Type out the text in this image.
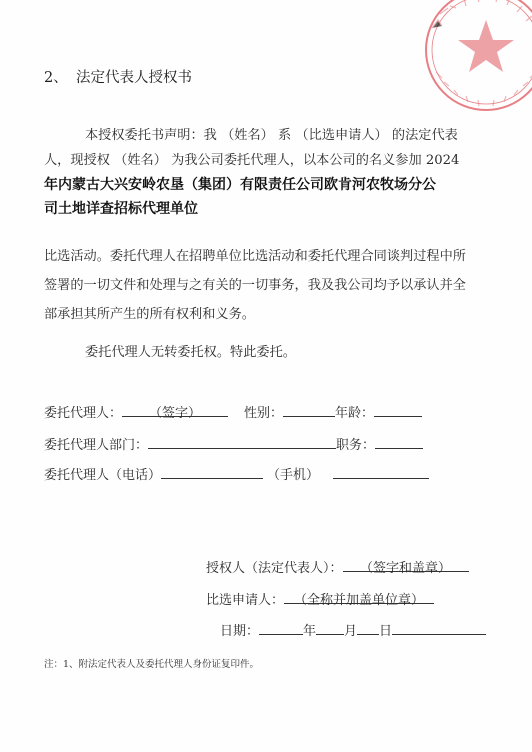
2、 法定代表人授权书
本授权委托书声明：我 （姓名） 系 （比选申请人） 的法定代表
人，现授权 （姓名） 为我公司委托代理人，以本公司的名义参加 2024
年内蒙古大兴安岭农垦（集团）有限责任公司欧肯河农牧场分公
司土地详查招标代理单位
比选活动。委托代理人在招聘单位比选活动和委托代理合同谈判过程中所
签署的一切文件和处理与之有关的一切事务，我及我公司均予以承认并全
部承担其所产生的所有权利和义务。
委托代理人无转委托权。特此委托。
委托代理人： （签字）	性别：	年龄：
委托代理人部门：	职务：
委托代理人（电话）	（手机）
授权人（法定代表人）： （签字和盖章）
比选申请人： （全称并加盖单位章）
日期：	年 月 日
注：1、附法定代表人及委托代理人身份证复印件。
